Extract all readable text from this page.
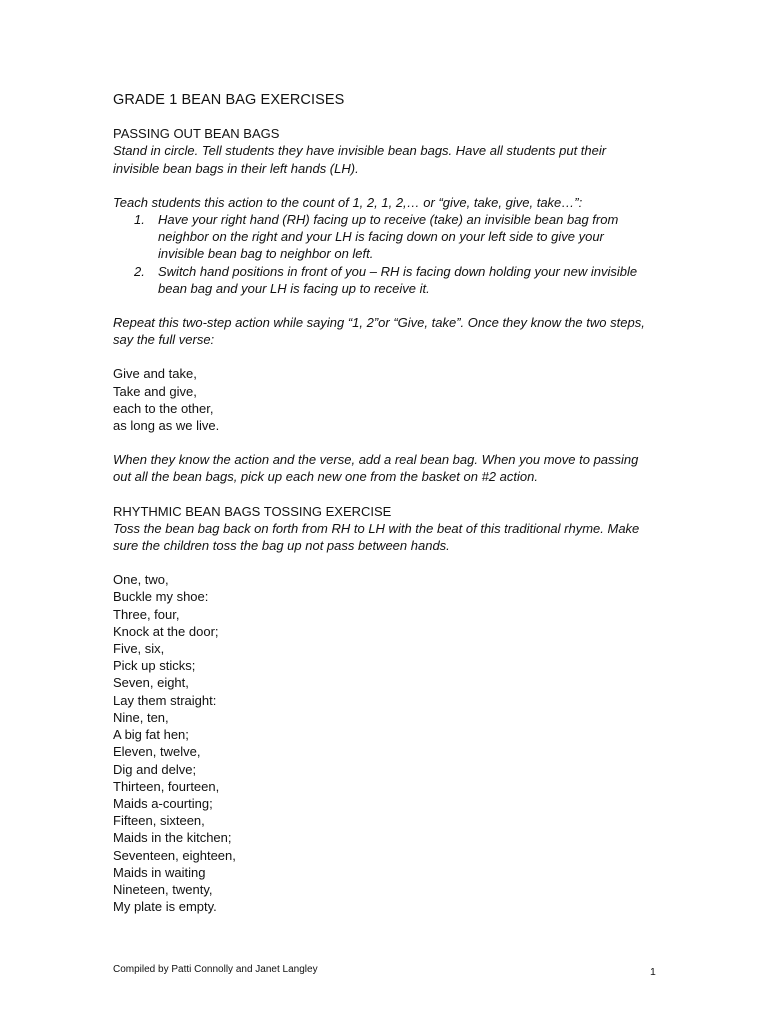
GRADE 1 BEAN BAG EXERCISES
PASSING OUT BEAN BAGS

Stand in circle. Tell students they have invisible bean bags. Have all students put their invisible bean bags in their left hands (LH).

Teach students this action to the count of 1, 2, 1, 2,… or “give, take, give, take…”:

1. Have your right hand (RH) facing up to receive (take) an invisible bean bag from neighbor on the right and your LH is facing down on your left side to give your invisible bean bag to neighbor on left.
2. Switch hand positions in front of you – RH is facing down holding your new invisible bean bag and your LH is facing up to receive it.

Repeat this two-step action while saying “1, 2”or “Give, take”. Once they know the two steps, say the full verse:

Give and take,
Take and give,
each to the other,
as long as we live.

When they know the action and the verse, add a real bean bag. When you move to passing out all the bean bags, pick up each new one from the basket on #2 action.

RHYTHMIC BEAN BAGS TOSSING EXERCISE

Toss the bean bag back on forth from RH to LH with the beat of this traditional rhyme. Make sure the children toss the bag up not pass between hands.

One, two,
Buckle my shoe:
Three, four,
Knock at the door;
Five, six,
Pick up sticks;
Seven, eight,
Lay them straight:
Nine, ten,
A big fat hen;
Eleven, twelve,
Dig and delve;
Thirteen, fourteen,
Maids a-courting;
Fifteen, sixteen,
Maids in the kitchen;
Seventeen, eighteen,
Maids in waiting
Nineteen, twenty,
My plate is empty.
Compiled by Patti Connolly and Janet Langley	1
